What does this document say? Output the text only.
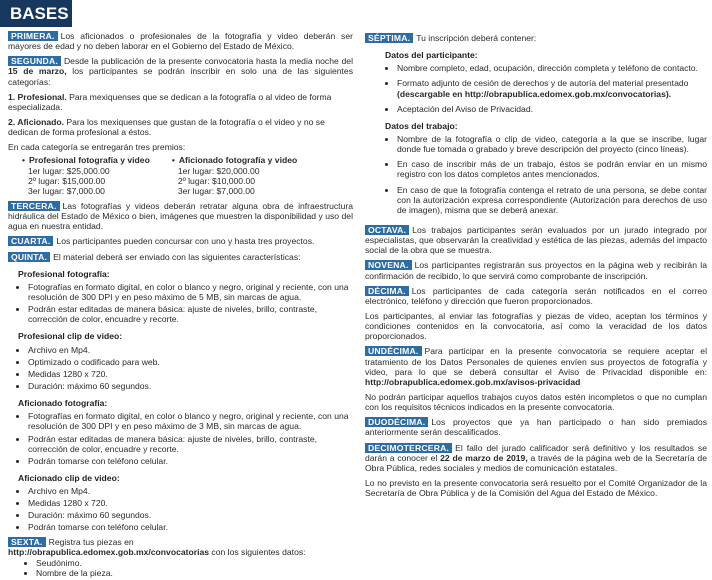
BASES

PRIMERA. Los aficionados o profesionales de la fotografía y video deberán ser mayores de edad y no deben laborar en el Gobierno del Estado de México.

SEGUNDA. Desde la publicación de la presente convocatoria hasta la media noche del 15 de marzo, los participantes se podrán inscribir en solo una de las siguientes categorías:

1. Profesional. Para mexiquenses que se dedican a la fotografía o al video de forma especializada.

2. Aficionado. Para los mexiquenses que gustan de la fotografía o el video y no se dedican de forma profesional a éstos.

En cada categoría se entregarán tres premios:

• Profesional fotografía y video
1er lugar: $25,000.00
2º lugar: $15,000.00
3er lugar: $7,000.00
• Aficionado fotografía y video
1er lugar: $20,000.00
2º lugar: $10,000.00
3er lugar: $7,000.00

TERCERA. Las fotografías y videos deberán retratar alguna obra de infraestructura hidráulica del Estado de México o bien, imágenes que muestren la disponibilidad y uso del agua en nuestra entidad.

CUARTA. Los participantes pueden concursar con uno y hasta tres proyectos.

QUINTA. El material deberá ser enviado con las siguientes características:

Profesional fotografía:
• Fotografías en formato digital, en color o blanco y negro, original y reciente, con una resolución de 300 DPI y en peso máximo de 5 MB, sin marcas de agua.
• Podrán estar editadas de manera básica: ajuste de niveles, brillo, contraste, corrección de color, encuadre y recorte.
Profesional clip de video:
• Archivo en Mp4.
• Optimizado o codificado para web.
• Medidas 1280 x 720.
• Duración: máximo 60 segundos.
Aficionado fotografía:
• Fotografías en formato digital, en color o blanco y negro, original y reciente, con una resolución de 300 DPI y en peso máximo de 3 MB, sin marcas de agua.
• Podrán estar editadas de manera básica: ajuste de niveles, brillo, contraste, corrección de color, encuadre y recorte.
• Podrán tomarse con teléfono celular.
Aficionado clip de video:
• Archivo en Mp4.
• Medidas 1280 x 720.
• Duración: máximo 60 segundos.
• Podrán tomarse con teléfono celular.

SEXTA. Registra tus piezas en
http://obrapublica.edomex.gob.mx/convocatorias con los siguientes datos:

• Seudónimo.
• Nombre de la pieza.

SÉPTIMA. Tu inscripción deberá contener:

Datos del participante:
• Nombre completo, edad, ocupación, dirección completa y teléfono de contacto.
• Formato adjunto de cesión de derechos y de autoría del material presentado (descargable en http://obrapublica.edomex.gob.mx/convocatorias).
• Aceptación del Aviso de Privacidad.
Datos del trabajo:
• Nombre de la fotografía o clip de video, categoría a la que se inscribe, lugar donde fue tomada o grabado y breve descripción del proyecto (cinco líneas).
• En caso de inscribir más de un trabajo, éstos se podrán enviar en un mismo registro con los datos completos antes mencionados.
• En caso de que la fotografía contenga el retrato de una persona, se debe contar con la autorización expresa correspondiente (Autorización para derechos de uso de imagen), misma que se deberá anexar.

OCTAVA. Los trabajos participantes serán evaluados por un jurado integrado por especialistas, que observarán la creatividad y estética de las piezas, además del impacto social de la obra que se muestra.

NOVENA. Los participantes registrarán sus proyectos en la página web y recibirán la confirmación de recibido, lo que servirá como comprobante de inscripción.

DÉCIMA. Los participantes de cada categoría serán notificados en el correo electrónico, teléfono y dirección que fueron proporcionados.

Los participantes, al enviar las fotografías y piezas de video, aceptan los términos y condiciones contenidos en la convocatoria, así como la veracidad de los datos proporcionados.

UNDÉCIMA. Para participar en la presente convocatoria se requiere aceptar el tratamiento de los Datos Personales de quienes envíen sus proyectos de fotografía y video, para lo que se deberá consultar el Aviso de Privacidad disponible en: http://obrapublica.edomex.gob.mx/avisos-privacidad

No podrán participar aquellos trabajos cuyos datos estén incompletos o que no cumplan con los requisitos técnicos indicados en la presente convocatoria.

DUODÉCIMA. Los proyectos que ya han participado o han sido premiados anteriormente serán descalificados.

DECIMOTERCERA. El fallo del jurado calificador será definitivo y los resultados se darán a conocer el 22 de marzo de 2019, a través de la página web de la Secretaría de Obra Pública, redes sociales y medios de comunicación estatales.

Lo no previsto en la presente convocatoria será resuelto por el Comité Organizador de la Secretaría de Obra Pública y de la Comisión del Agua del Estado de México.
